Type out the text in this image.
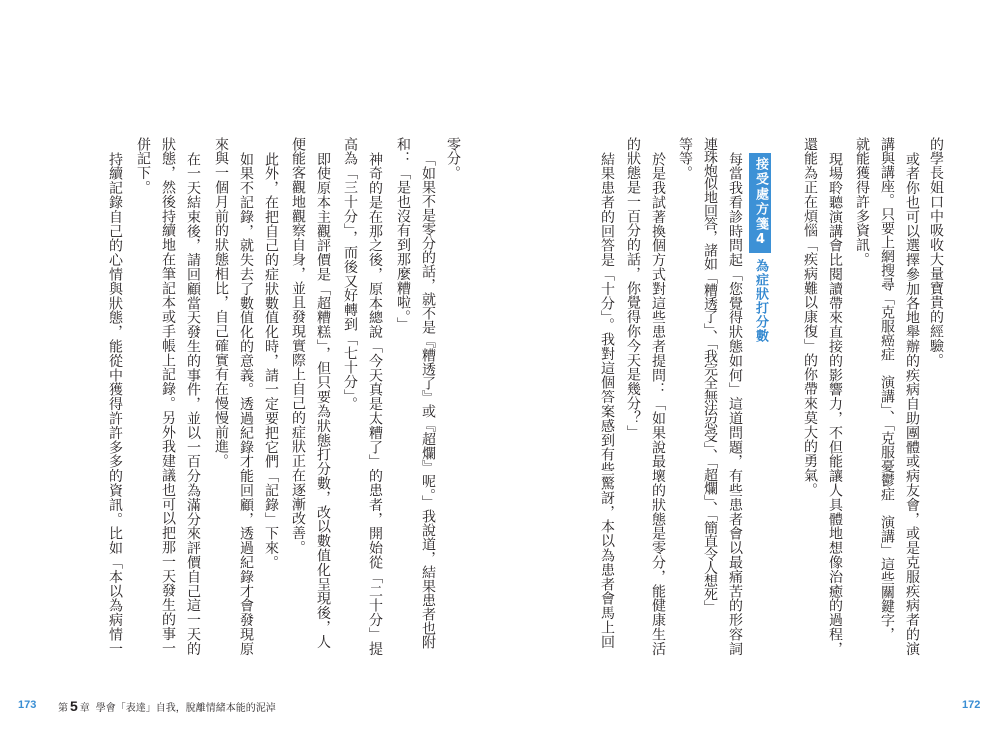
零分。
「如果不是零分的話，就不是『糟透了』或『超爛』呢。」我說道，結果患者也附
和：「是也沒有到那麼糟啦。」
神奇的是在那之後，原本總說「今天真是太糟了」的患者，開始從「二十分」提
高為「三十分」，而後又好轉到「七十分」。
即使原本主觀評價是「超糟糕」，但只要為狀態打分數，改以數值化呈現後，人
便能客觀地觀察自身，並且發現實際上自己的症狀正在逐漸改善。
此外，在把自己的症狀數值化時，請一定要把它們「記錄」下來。
如果不記錄，就失去了數值化的意義。透過紀錄才能回顧，透過紀錄才會發現原
來與一個月前的狀態相比，自己確實有在慢慢前進。
在一天結束後，請回顧當天發生的事件，並以一百分為滿分來評價自己這一天的
狀態，然後持續地在筆記本或手帳上記錄。另外我建議也可以把那一天發生的事一
併記下。
持續記錄自己的心情與狀態，能從中獲得許許多多的資訊。比如「本以為病情一
173 第 5 章 學會「表達」自我，脫離情緒本能的泥淖
的學長姐口中吸收大量寶貴的經驗。
或者你也可以選擇參加各地舉辦的疾病自助團體或病友會，或是克服疾病者的演
講與講座。只要上網搜尋「克服癌症　演講」、「克服憂鬱症　演講」這些關鍵字，
就能獲得許多資訊。
現場聆聽演講會比閱讀帶來直接的影響力，不但能讓人具體地想像治癒的過程，
還能為正在煩惱「疾病難以康復」的你帶來莫大的勇氣。
接受處方箋4
為症狀打分數
每當我看診時問起「您覺得狀態如何」這道問題，有些患者會以最痛苦的形容詞
連珠炮似地回答，諸如「糟透了」、「我完全無法忍受」、「超爛」、「簡直令人想死」
等等。
於是我試著換個方式對這些患者提問：「如果說最壞的狀態是零分，能健康生活
的狀態是一百分的話，你覺得你今天是幾分？」
結果患者的回答是「十分」。我對這個答案感到有些驚訝，本以為患者會馬上回
172
